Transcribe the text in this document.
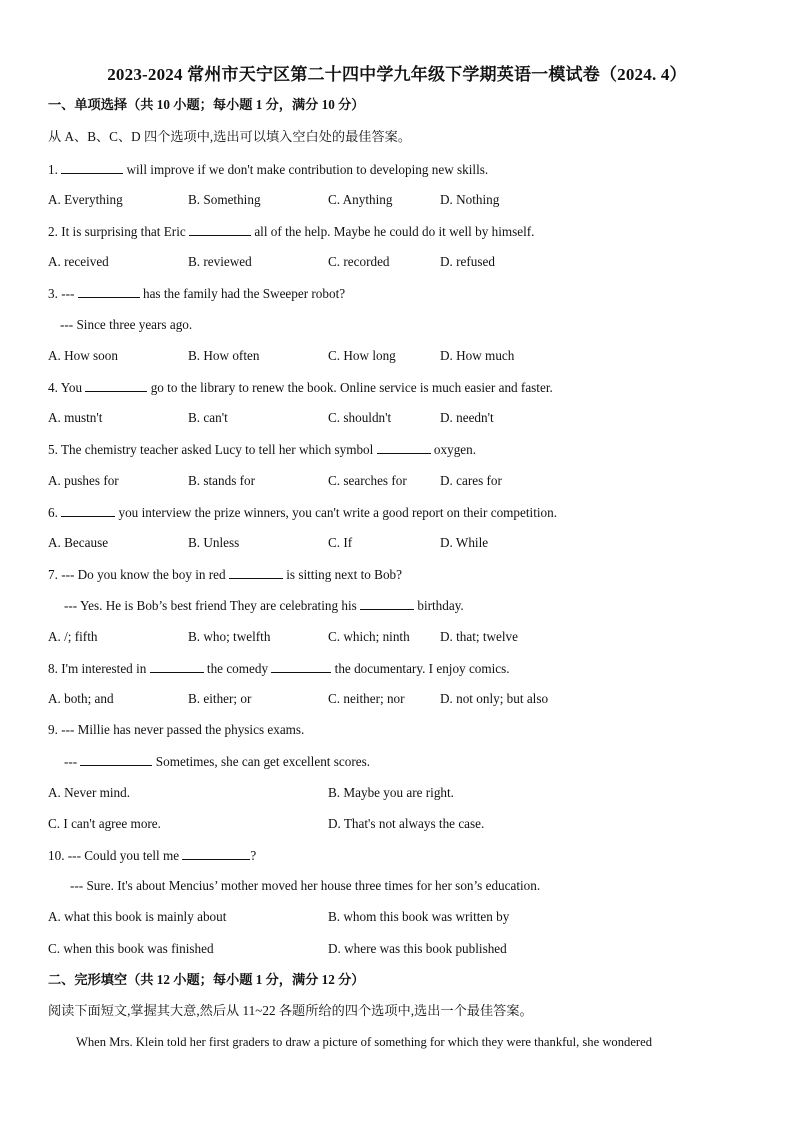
2023-2024 常州市天宁区第二十四中学九年级下学期英语一模试卷（2024. 4）
一、单项选择（共 10 小题；每小题 1 分，满分 10 分）
从 A、B、C、D 四个选项中,选出可以填入空白处的最佳答案。
1.	will improve if we don't make contribution to developing new skills.
A. Everything	B. Something	C. Anything	D. Nothing
2. It is surprising that Eric	all of the help. Maybe he could do it well by himself.
A. received	B. reviewed	C. recorded	D. refused
3. ---	has the family had the Sweeper robot?
--- Since three years ago.
A. How soon	B. How often	C. How long	D. How much
4. You	go to the library to renew the book. Online service is much easier and faster.
A. mustn't	B. can't	C. shouldn't	D. needn't
5. The chemistry teacher asked Lucy to tell her which symbol	oxygen.
A. pushes for	B. stands for	C. searches for	D. cares for
6.	you interview the prize winners, you can't write a good report on their competition.
A. Because	B. Unless	C. If	D. While
7. --- Do you know the boy in red	is sitting next to Bob?
--- Yes. He is Bob’s best friend They are celebrating his	birthday.
A. /; fifth	B. who; twelfth	C. which; ninth D. that; twelve
8. I'm interested in	the comedy	the documentary. I enjoy comics.
A. both; and	B. either; or	C. neither; nor	D. not only; but also
9. --- Millie has never passed the physics exams.
---	Sometimes, she can get excellent scores.
A. Never mind.	B. Maybe you are right.
C. I can't agree more.	D. That's not always the case.
10. --- Could you tell me	?
--- Sure. It's about Mencius’ mother moved her house three times for her son’s education.
A. what this book is mainly about	B. whom this book was written by
C. when this book was finished	D. where was this book published
二、完形填空（共 12 小题；每小题 1 分，满分 12 分）
阅读下面短文,掌握其大意,然后从 11~22 各题所给的四个选项中,选出一个最佳答案。
When Mrs. Klein told her first graders to draw a picture of something for which they were thankful, she wondered
